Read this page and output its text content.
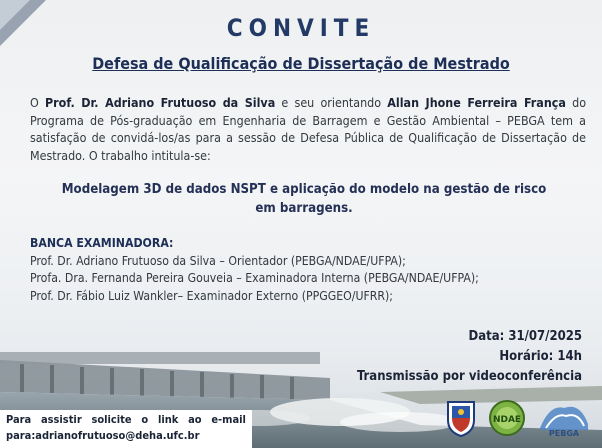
CONVITE
Defesa de Qualificação de Dissertação de Mestrado
O Prof. Dr. Adriano Frutuoso da Silva e seu orientando Allan Jhone Ferreira França do Programa de Pós-graduação em Engenharia de Barragem e Gestão Ambiental – PEBGA tem a satisfação de convidá-los/as para a sessão de Defesa Pública de Qualificação de Dissertação de Mestrado. O trabalho intitula-se:
Modelagem 3D de dados NSPT e aplicação do modelo na gestão de risco em barragens.
BANCA EXAMINADORA:
Prof. Dr. Adriano Frutuoso da Silva – Orientador (PEBGA/NDAE/UFPA);
Profa. Dra. Fernanda Pereira Gouveia – Examinadora Interna (PEBGA/NDAE/UFPA);
Prof. Dr. Fábio Luiz Wankler– Examinador Externo (PPGGEO/UFRR);
Data: 31/07/2025
Horário: 14h
Transmissão por videoconferência
Para assistir solicite o link ao e-mail
para:adrianofrutuoso@deha.ufc.br
NDAE
PEBGA
